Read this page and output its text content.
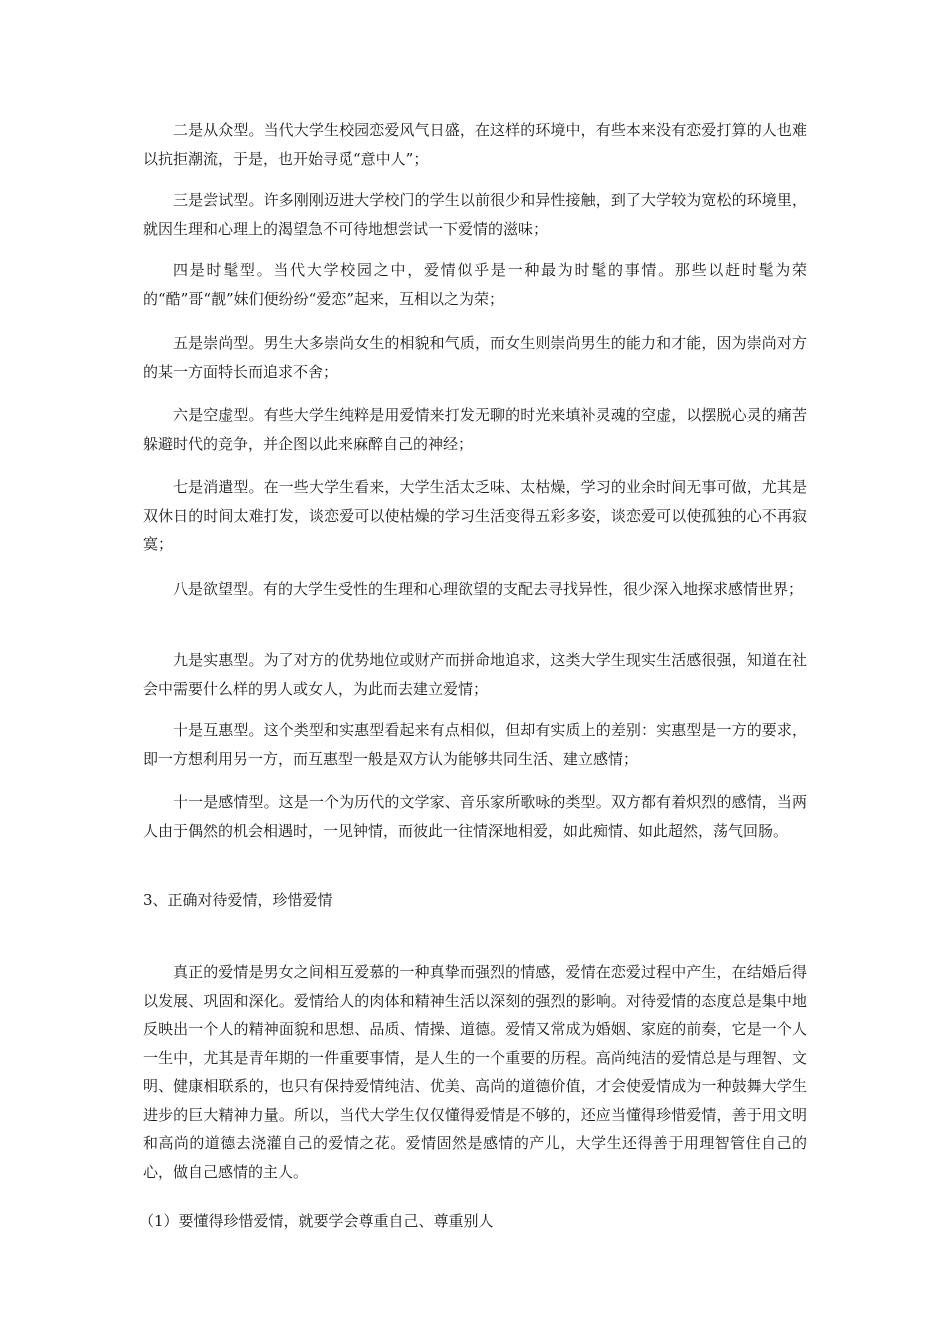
二是从众型。当代大学生校园恋爱风气日盛，在这样的环境中，有些本来没有恋爱打算的人也难以抗拒潮流，于是，也开始寻觅“意中人”；

三是尝试型。许多刚刚迈进大学校门的学生以前很少和异性接触，到了大学较为宽松的环境里，就因生理和心理上的渴望急不可待地想尝试一下爱情的滋味；

四是时髦型。当代大学校园之中，爱情似乎是一种最为时髦的事情。那些以赶时髦为荣的“酷”哥“靓”妹们便纷纷“爱恋”起来，互相以之为荣；

五是崇尚型。男生大多崇尚女生的相貌和气质，而女生则崇尚男生的能力和才能，因为崇尚对方的某一方面特长而追求不舍；

六是空虚型。有些大学生纯粹是用爱情来打发无聊的时光来填补灵魂的空虚，以摆脱心灵的痛苦躲避时代的竞争，并企图以此来麻醉自己的神经；

七是消遣型。在一些大学生看来，大学生活太乏味、太枯燥，学习的业余时间无事可做，尤其是双休日的时间太难打发，谈恋爱可以使枯燥的学习生活变得五彩多姿，谈恋爱可以使孤独的心不再寂寞；

八是欲望型。有的大学生受性的生理和心理欲望的支配去寻找异性，很少深入地探求感情世界；

九是实惠型。为了对方的优势地位或财产而拼命地追求，这类大学生现实生活感很强，知道在社会中需要什么样的男人或女人，为此而去建立爱情；

十是互惠型。这个类型和实惠型看起来有点相似，但却有实质上的差别：实惠型是一方的要求，即一方想利用另一方，而互惠型一般是双方认为能够共同生活、建立感情；

十一是感情型。这是一个为历代的文学家、音乐家所歌咏的类型。双方都有着炽烈的感情，当两人由于偶然的机会相遇时，一见钟情，而彼此一往情深地相爱，如此痴情、如此超然，荡气回肠。

3、正确对待爱情，珍惜爱情

真正的爱情是男女之间相互爱慕的一种真挚而强烈的情感，爱情在恋爱过程中产生，在结婚后得以发展、巩固和深化。爱情给人的肉体和精神生活以深刻的强烈的影响。对待爱情的态度总是集中地反映出一个人的精神面貌和思想、品质、情操、道德。爱情又常成为婚姻、家庭的前奏，它是一个人一生中，尤其是青年期的一件重要事情，是人生的一个重要的历程。高尚纯洁的爱情总是与理智、文明、健康相联系的，也只有保持爱情纯洁、优美、高尚的道德价值，才会使爱情成为一种鼓舞大学生进步的巨大精神力量。所以，当代大学生仅仅懂得爱情是不够的，还应当懂得珍惜爱情，善于用文明和高尚的道德去浇灌自己的爱情之花。爱情固然是感情的产儿，大学生还得善于用理智管住自己的心，做自己感情的主人。

（1）要懂得珍惜爱情，就要学会尊重自己、尊重别人
